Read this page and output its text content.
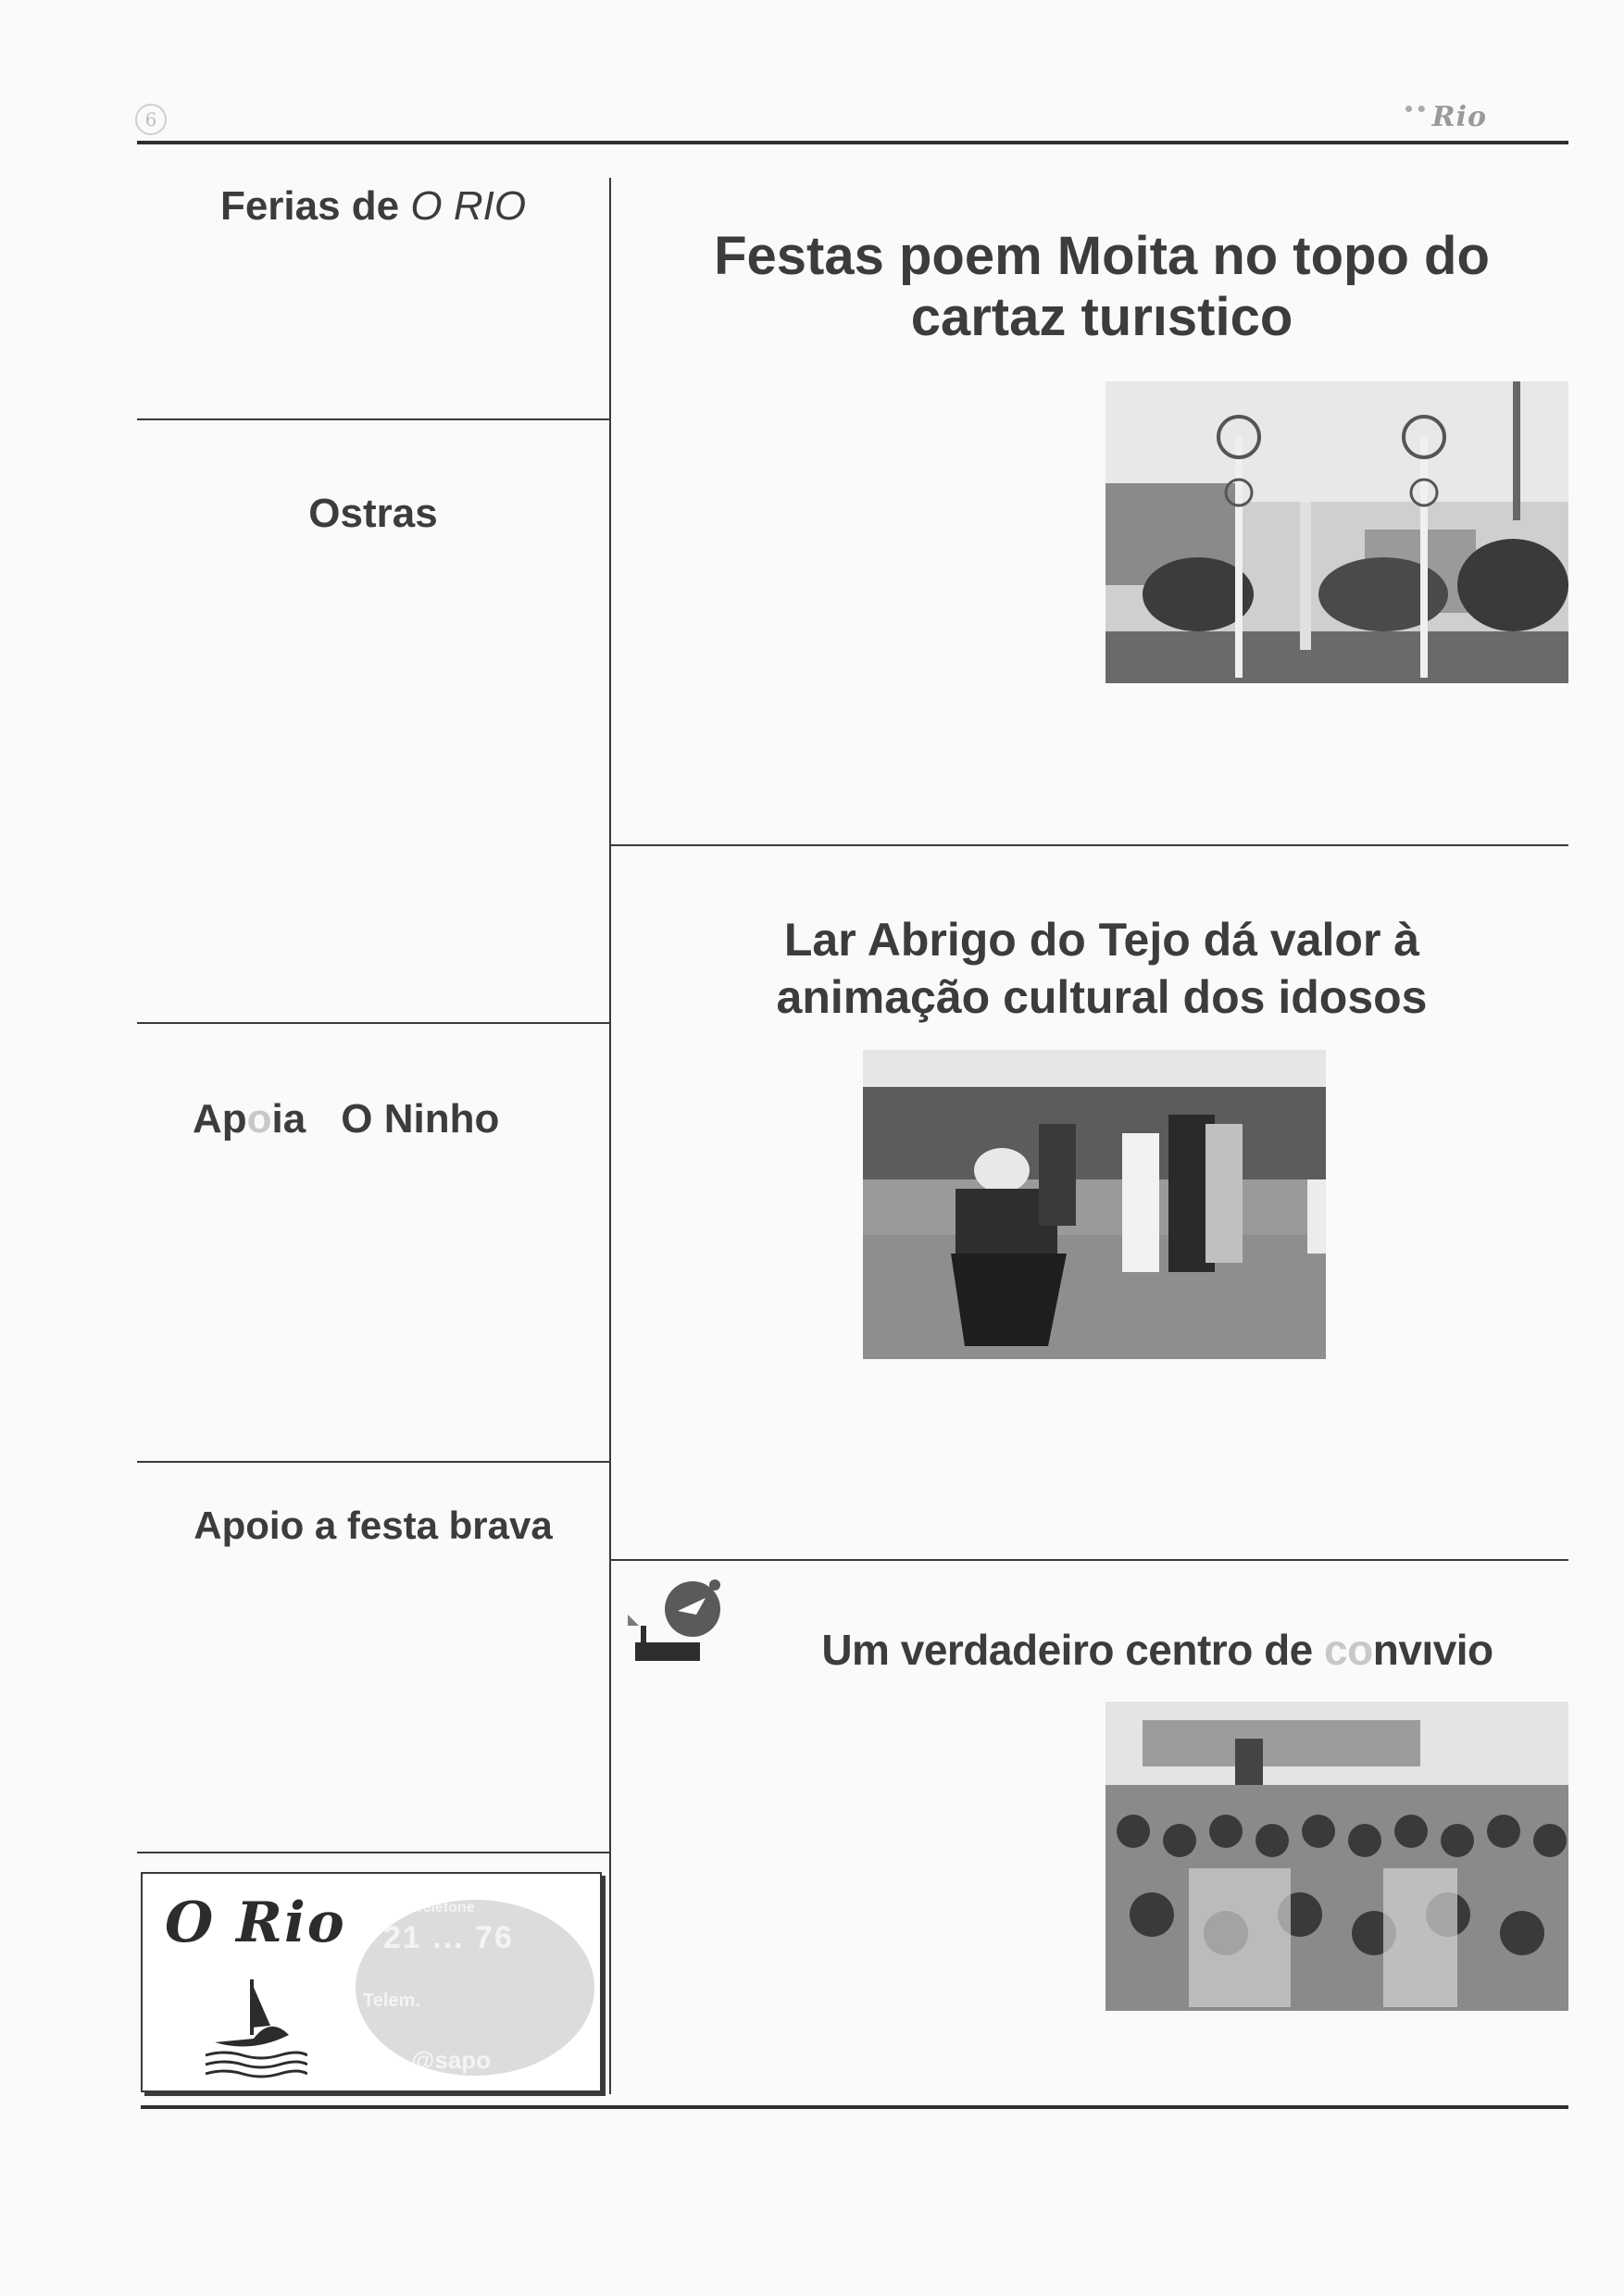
6	•• Rio
Ferias de O RIO
Ostras
Apoia O Ninho
Apoio a festa brava
O Rio	Telefone
21 ... 76
Telem.
@sapo
Festas poem Moita no topo do
cartaz turıstico
Lar Abrigo do Tejo dá valor à
animação cultural dos idosos
Um verdadeiro centro de convıvio
